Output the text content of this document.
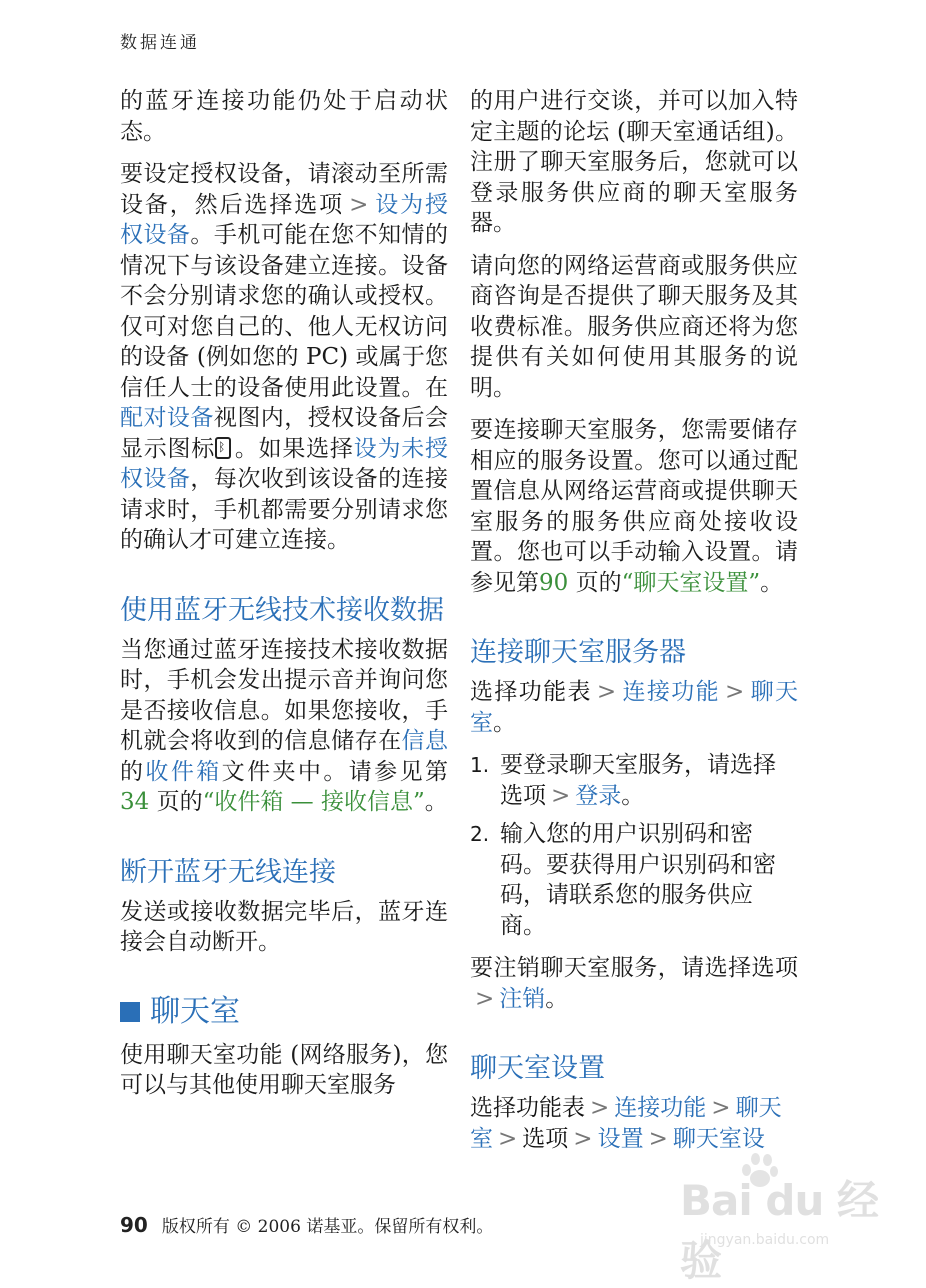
数据连通

的蓝牙连接功能仍处于启动状态。

要设定授权设备，请滚动至所需设备，然后选择选项 > 设为授权设备。手机可能在您不知情的情况下与该设备建立连接。设备不会分别请求您的确认或授权。仅可对您自己的、他人无权访问的设备 (例如您的 PC) 或属于您信任人士的设备使用此设置。在配对设备视图内，授权设备后会显示图标ᛒ 。如果选择设为未授权设备，每次收到该设备的连接请求时，手机都需要分别请求您的确认才可建立连接。

使用蓝牙无线技术接收数据

当您通过蓝牙连接技术接收数据时，手机会发出提示音并询问您是否接收信息。如果您接收，手机就会将收到的信息储存在信息的收件箱文件夹中。请参见第34 页的“收件箱 — 接收信息”。

断开蓝牙无线连接

发送或接收数据完毕后，蓝牙连接会自动断开。

聊天室

使用聊天室功能 (网络服务)，您可以与其他使用聊天室服务

的用户进行交谈，并可以加入特定主题的论坛 (聊天室通话组)。注册了聊天室服务后，您就可以登录服务供应商的聊天室服务器。

请向您的网络运营商或服务供应商咨询是否提供了聊天服务及其收费标准。服务供应商还将为您提供有关如何使用其服务的说明。

要连接聊天室服务，您需要储存相应的服务设置。您可以通过配置信息从网络运营商或提供聊天室服务的服务供应商处接收设置。您也可以手动输入设置。请参见第90 页的“聊天室设置”。

连接聊天室服务器

选择功能表 > 连接功能 > 聊天室。

1. 要登录聊天室服务，请选择
选项 > 登录。
2. 输入您的用户识别码和密码。要获得用户识别码和密码，请联系您的服务供应商。

要注销聊天室服务，请选择选项> 注销。

聊天室设置

选择功能表 > 连接功能 > 聊天室 > 选项 > 设置 > 聊天室设

90 版权所有 © 2006 诺基亚。保留所有权利。
Bai du 经验
jingyan.baidu.com
